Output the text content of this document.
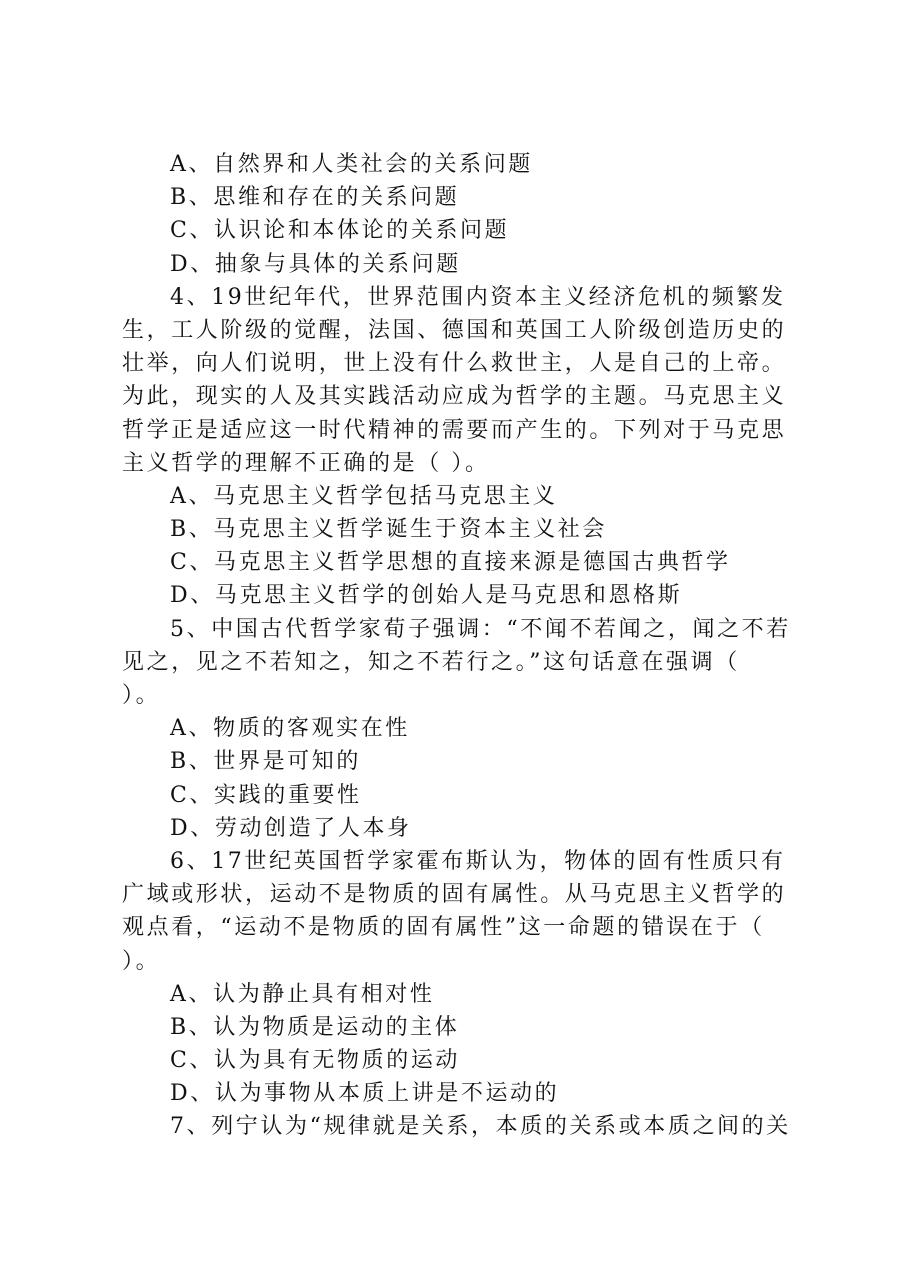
A、自然界和人类社会的关系问题
B、思维和存在的关系问题
C、认识论和本体论的关系问题
D、抽象与具体的关系问题
4、19世纪年代，世界范围内资本主义经济危机的频繁发
生，工人阶级的觉醒，法国、德国和英国工人阶级创造历史的
壮举，向人们说明，世上没有什么救世主，人是自己的上帝。
为此，现实的人及其实践活动应成为哲学的主题。马克思主义
哲学正是适应这一时代精神的需要而产生的。下列对于马克思
主义哲学的理解不正确的是（ ）。
A、马克思主义哲学包括马克思主义
B、马克思主义哲学诞生于资本主义社会
C、马克思主义哲学思想的直接来源是德国古典哲学
D、马克思主义哲学的创始人是马克思和恩格斯
5、中国古代哲学家荀子强调：“不闻不若闻之，闻之不若
见之，见之不若知之，知之不若行之。”这句话意在强调（
）。
A、物质的客观实在性
B、世界是可知的
C、实践的重要性
D、劳动创造了人本身
6、17世纪英国哲学家霍布斯认为，物体的固有性质只有
广域或形状，运动不是物质的固有属性。从马克思主义哲学的
观点看，“运动不是物质的固有属性”这一命题的错误在于（
）。
A、认为静止具有相对性
B、认为物质是运动的主体
C、认为具有无物质的运动
D、认为事物从本质上讲是不运动的
7、列宁认为“规律就是关系，本质的关系或本质之间的关
